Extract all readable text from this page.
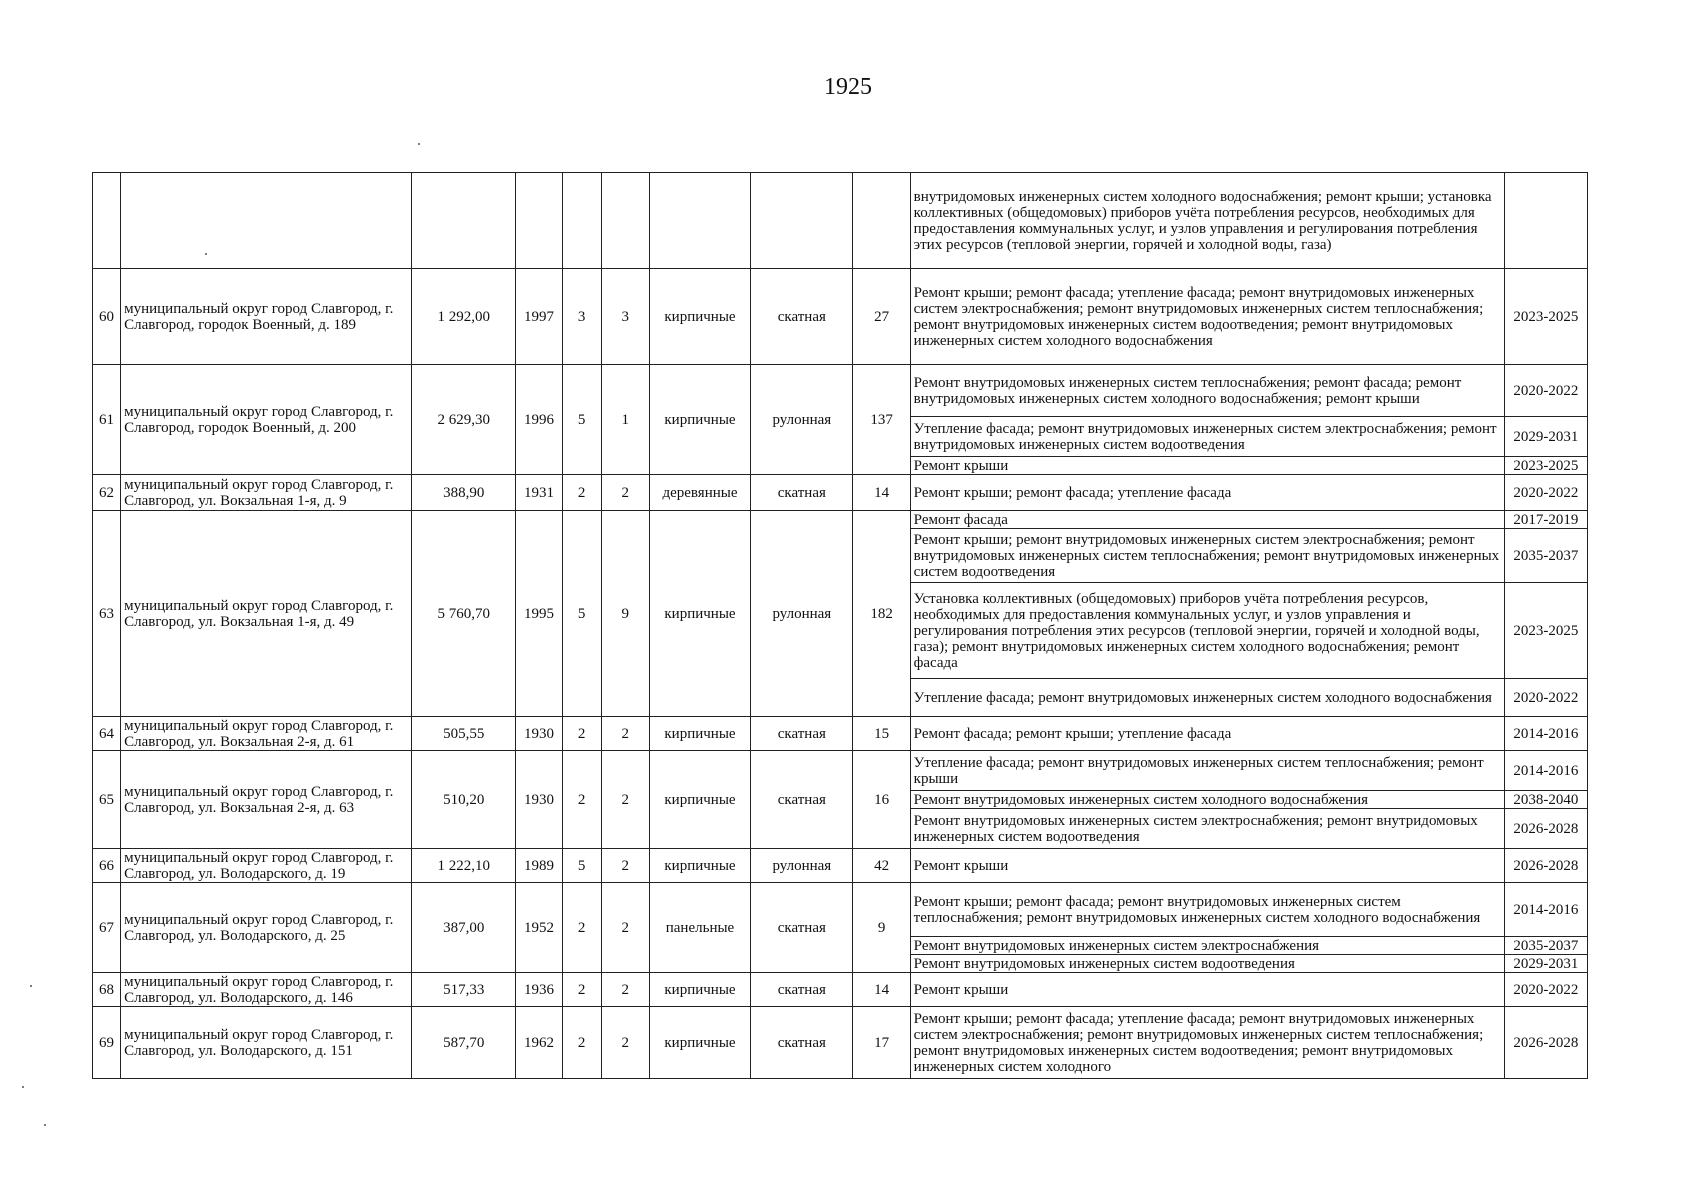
1925
									внутридомовых инженерных систем холодного водоснабжения; ремонт крыши; установка коллективных (общедомовых) приборов учёта потребления ресурсов, необходимых для предоставления коммунальных услуг, и узлов управления и регулирования потребления этих ресурсов (тепловой энергии, горячей и холодной воды, газа)	
60	муниципальный округ город Славгород, г. Славгород, городок Военный, д. 189	1 292,00	1997	3	3	кирпичные	скатная	27	Ремонт крыши; ремонт фасада; утепление фасада; ремонт внутридомовых инженерных систем электроснабжения; ремонт внутридомовых инженерных систем теплоснабжения; ремонт внутридомовых инженерных систем водоотведения; ремонт внутридомовых инженерных систем холодного водоснабжения	2023-2025
61	муниципальный округ город Славгород, г. Славгород, городок Военный, д. 200	2 629,30	1996	5	1	кирпичные	рулонная	137	Ремонт внутридомовых инженерных систем теплоснабжения; ремонт фасада; ремонт внутридомовых инженерных систем холодного водоснабжения; ремонт крыши	2020-2022
									Утепление фасада; ремонт внутридомовых инженерных систем электроснабжения; ремонт внутридомовых инженерных систем водоотведения	2029-2031
									Ремонт крыши	2023-2025
62	муниципальный округ город Славгород, г. Славгород, ул. Вокзальная 1-я, д. 9	388,90	1931	2	2	деревянные	скатная	14	Ремонт крыши; ремонт фасада; утепление фасада	2020-2022
63	муниципальный округ город Славгород, г. Славгород, ул. Вокзальная 1-я, д. 49	5 760,70	1995	5	9	кирпичные	рулонная	182	Ремонт фасада	2017-2019
									Ремонт крыши; ремонт внутридомовых инженерных систем электроснабжения; ремонт внутридомовых инженерных систем теплоснабжения; ремонт внутридомовых инженерных систем водоотведения	2035-2037
									Установка коллективных (общедомовых) приборов учёта потребления ресурсов, необходимых для предоставления коммунальных услуг, и узлов управления и регулирования потребления этих ресурсов (тепловой энергии, горячей и холодной воды, газа); ремонт внутридомовых инженерных систем холодного водоснабжения; ремонт фасада	2023-2025
									Утепление фасада; ремонт внутридомовых инженерных систем холодного водоснабжения	2020-2022
64	муниципальный округ город Славгород, г. Славгород, ул. Вокзальная 2-я, д. 61	505,55	1930	2	2	кирпичные	скатная	15	Ремонт фасада; ремонт крыши; утепление фасада	2014-2016
65	муниципальный округ город Славгород, г. Славгород, ул. Вокзальная 2-я, д. 63	510,20	1930	2	2	кирпичные	скатная	16	Утепление фасада; ремонт внутридомовых инженерных систем теплоснабжения; ремонт крыши	2014-2016
									Ремонт внутридомовых инженерных систем холодного водоснабжения	2038-2040
									Ремонт внутридомовых инженерных систем электроснабжения; ремонт внутридомовых инженерных систем водоотведения	2026-2028
66	муниципальный округ город Славгород, г. Славгород, ул. Володарского, д. 19	1 222,10	1989	5	2	кирпичные	рулонная	42	Ремонт крыши	2026-2028
67	муниципальный округ город Славгород, г. Славгород, ул. Володарского, д. 25	387,00	1952	2	2	панельные	скатная	9	Ремонт крыши; ремонт фасада; ремонт внутридомовых инженерных систем теплоснабжения; ремонт внутридомовых инженерных систем холодного водоснабжения	2014-2016
									Ремонт внутридомовых инженерных систем электроснабжения	2035-2037
									Ремонт внутридомовых инженерных систем водоотведения	2029-2031
68	муниципальный округ город Славгород, г. Славгород, ул. Володарского, д. 146	517,33	1936	2	2	кирпичные	скатная	14	Ремонт крыши	2020-2022
69	муниципальный округ город Славгород, г. Славгород, ул. Володарского, д. 151	587,70	1962	2	2	кирпичные	скатная	17	Ремонт крыши; ремонт фасада; утепление фасада; ремонт внутридомовых инженерных систем электроснабжения; ремонт внутридомовых инженерных систем теплоснабжения; ремонт внутридомовых инженерных систем водоотведения; ремонт внутридомовых инженерных систем холодного	2026-2028
